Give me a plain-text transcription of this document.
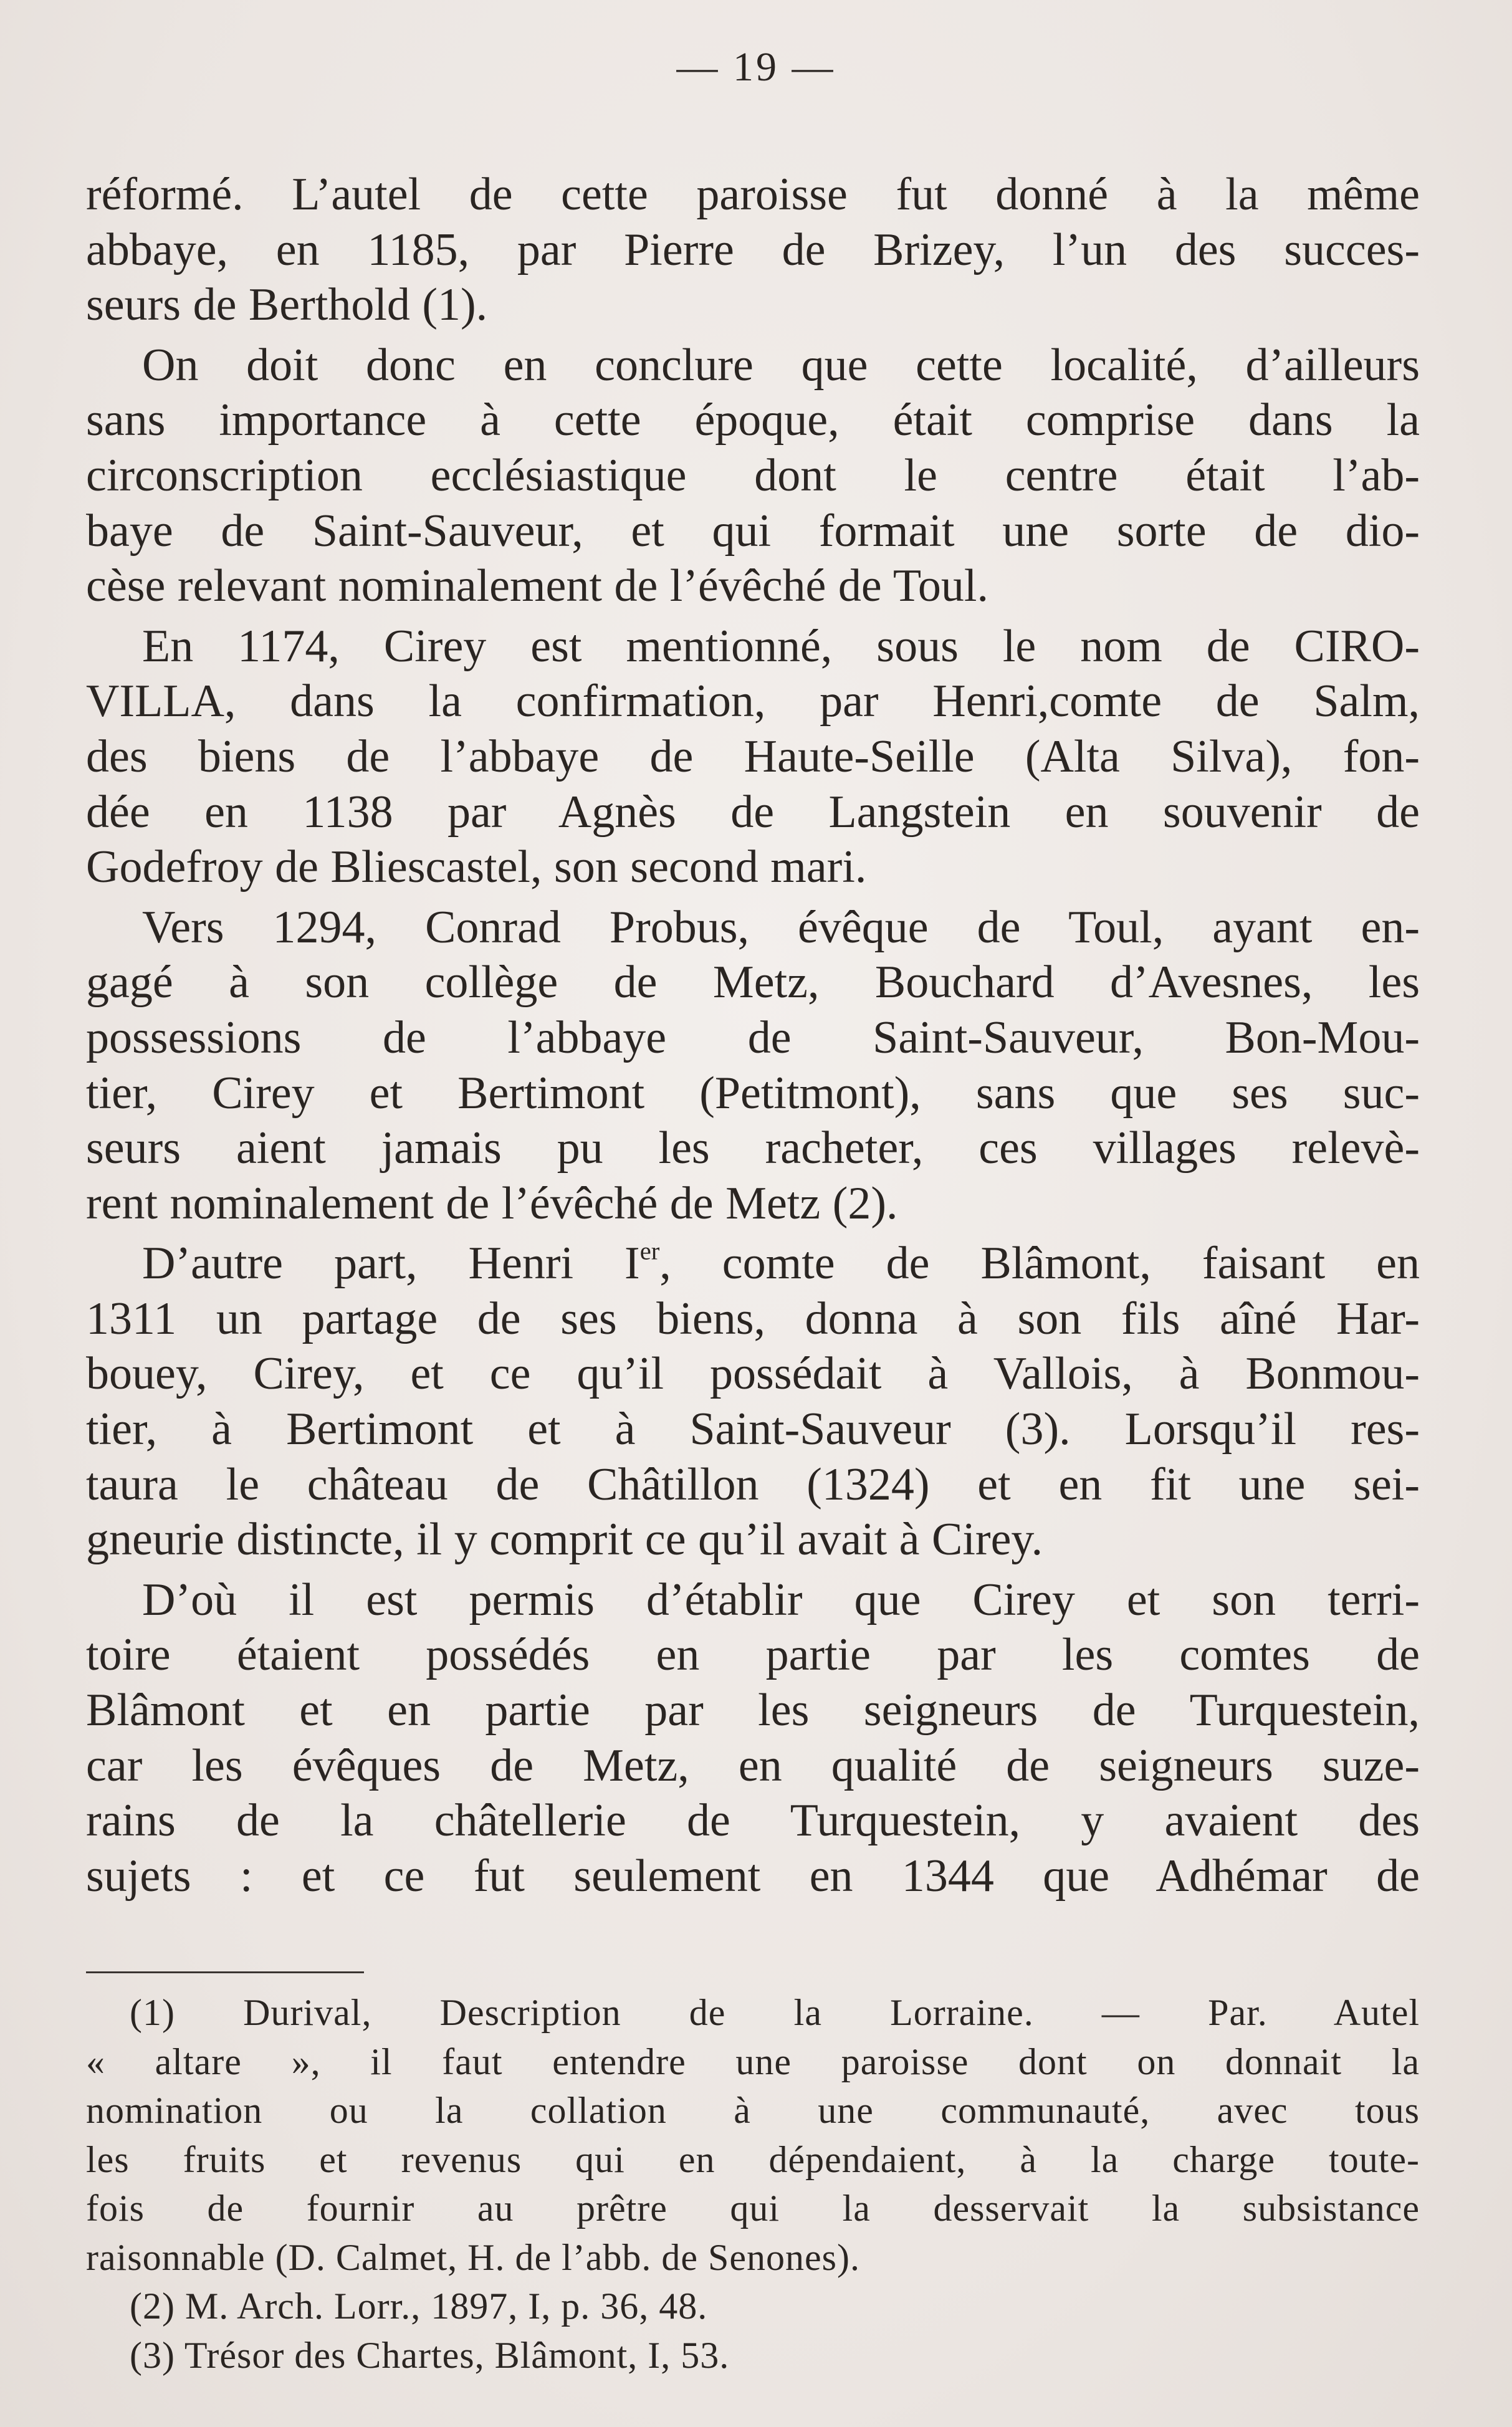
— 19 —

réformé. L’autel de cette paroisse fut donné à la même
abbaye, en 1185, par Pierre de Brizey, l’un des succes-
seurs de Berthold (1).

On doit donc en conclure que cette localité, d’ailleurs
sans importance à cette époque, était comprise dans la
circonscription ecclésiastique dont le centre était l’ab-
baye de Saint-Sauveur, et qui formait une sorte de dio-
cèse relevant nominalement de l’évêché de Toul.

En 1174, Cirey est mentionné, sous le nom de CIRO-
VILLA, dans la confirmation, par Henri,comte de Salm,
des biens de l’abbaye de Haute-Seille (Alta Silva), fon-
dée en 1138 par Agnès de Langstein en souvenir de
Godefroy de Bliescastel, son second mari.

Vers 1294, Conrad Probus, évêque de Toul, ayant en-
gagé à son collège de Metz, Bouchard d’Avesnes, les
possessions de l’abbaye de Saint-Sauveur, Bon-Mou-
tier, Cirey et Bertimont (Petitmont), sans que ses suc-
seurs aient jamais pu les racheter, ces villages relevè-
rent nominalement de l’évêché de Metz (2).

D’autre part, Henri Ier, comte de Blâmont, faisant en
1311 un partage de ses biens, donna à son fils aîné Har-
bouey, Cirey, et ce qu’il possédait à Vallois, à Bonmou-
tier, à Bertimont et à Saint-Sauveur (3). Lorsqu’il res-
taura le château de Châtillon (1324) et en fit une sei-
gneurie distincte, il y comprit ce qu’il avait à Cirey.

D’où il est permis d’établir que Cirey et son terri-
toire étaient possédés en partie par les comtes de
Blâmont et en partie par les seigneurs de Turquestein,
car les évêques de Metz, en qualité de seigneurs suze-
rains de la châtellerie de Turquestein, y avaient des
sujets : et ce fut seulement en 1344 que Adhémar de

(1) Durival, Description de la Lorraine. — Par. Autel
« altare », il faut entendre une paroisse dont on donnait la
nomination ou la collation à une communauté, avec tous
les fruits et revenus qui en dépendaient, à la charge toute-
fois de fournir au prêtre qui la desservait la subsistance
raisonnable (D. Calmet, H. de l’abb. de Senones).
(2) M. Arch. Lorr., 1897, I, p. 36, 48.
(3) Trésor des Chartes, Blâmont, I, 53.
